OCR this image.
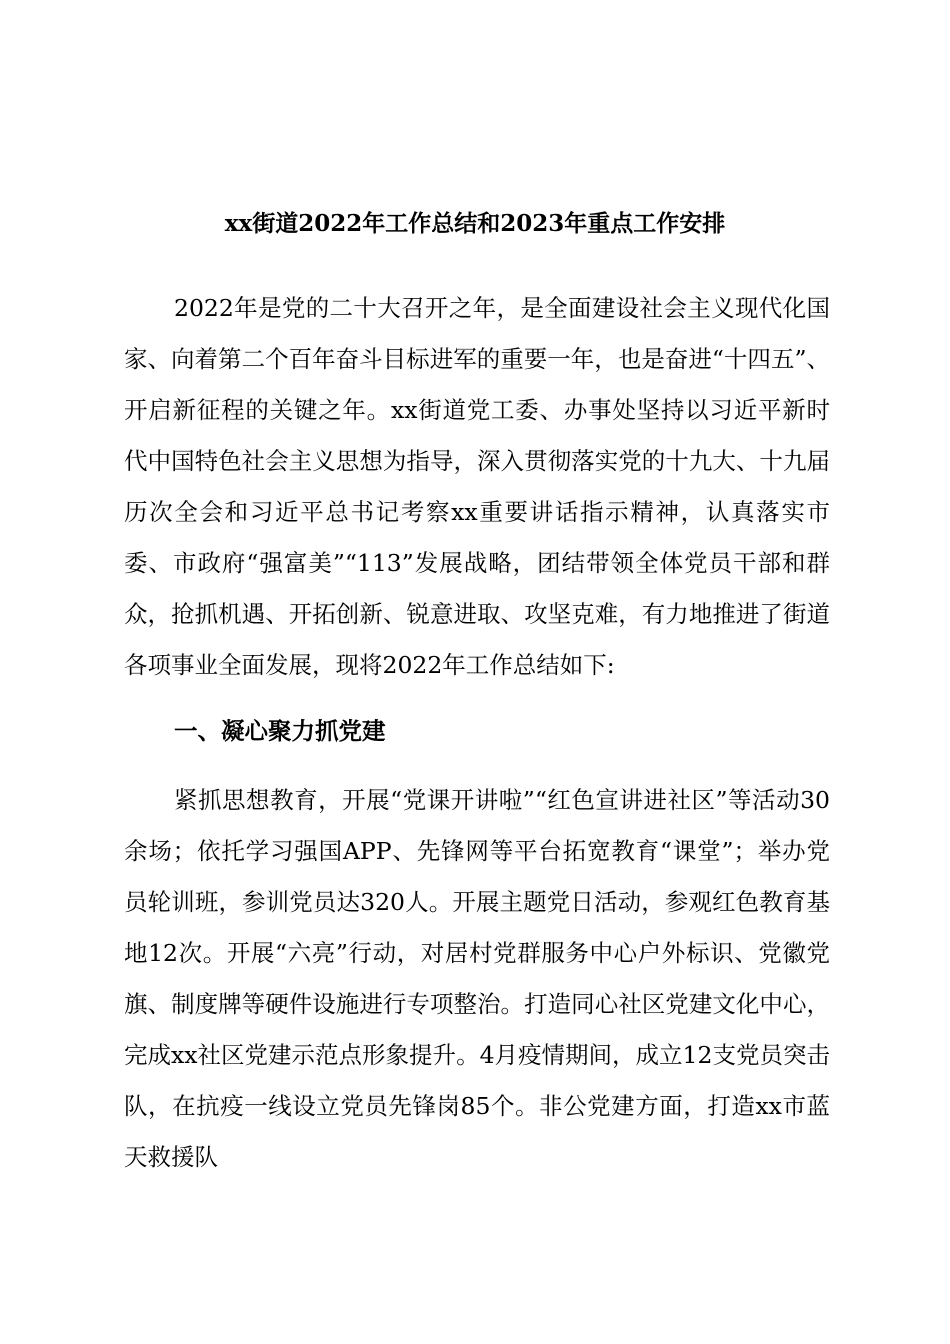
xx街道2022年工作总结和2023年重点工作安排

2022年是党的二十大召开之年，是全面建设社会主义现代化国家、向着第二个百年奋斗目标进军的重要一年，也是奋进“十四五”、开启新征程的关键之年。xx街道党工委、办事处坚持以习近平新时代中国特色社会主义思想为指导，深入贯彻落实党的十九大、十九届历次全会和习近平总书记考察xx重要讲话指示精神，认真落实市委、市政府“强富美”“113”发展战略，团结带领全体党员干部和群众，抢抓机遇、开拓创新、锐意进取、攻坚克难，有力地推进了街道各项事业全面发展，现将2022年工作总结如下:

一、凝心聚力抓党建

紧抓思想教育，开展“党课开讲啦”“红色宣讲进社区”等活动30余场；依托学习强国APP、先锋网等平台拓宽教育“课堂”；举办党员轮训班，参训党员达320人。开展主题党日活动，参观红色教育基地12次。开展“六亮”行动，对居村党群服务中心户外标识、党徽党旗、制度牌等硬件设施进行专项整治。打造同心社区党建文化中心，完成xx社区党建示范点形象提升。4月疫情期间，成立12支党员突击队，在抗疫一线设立党员先锋岗85个。非公党建方面，打造xx市蓝天救援队
